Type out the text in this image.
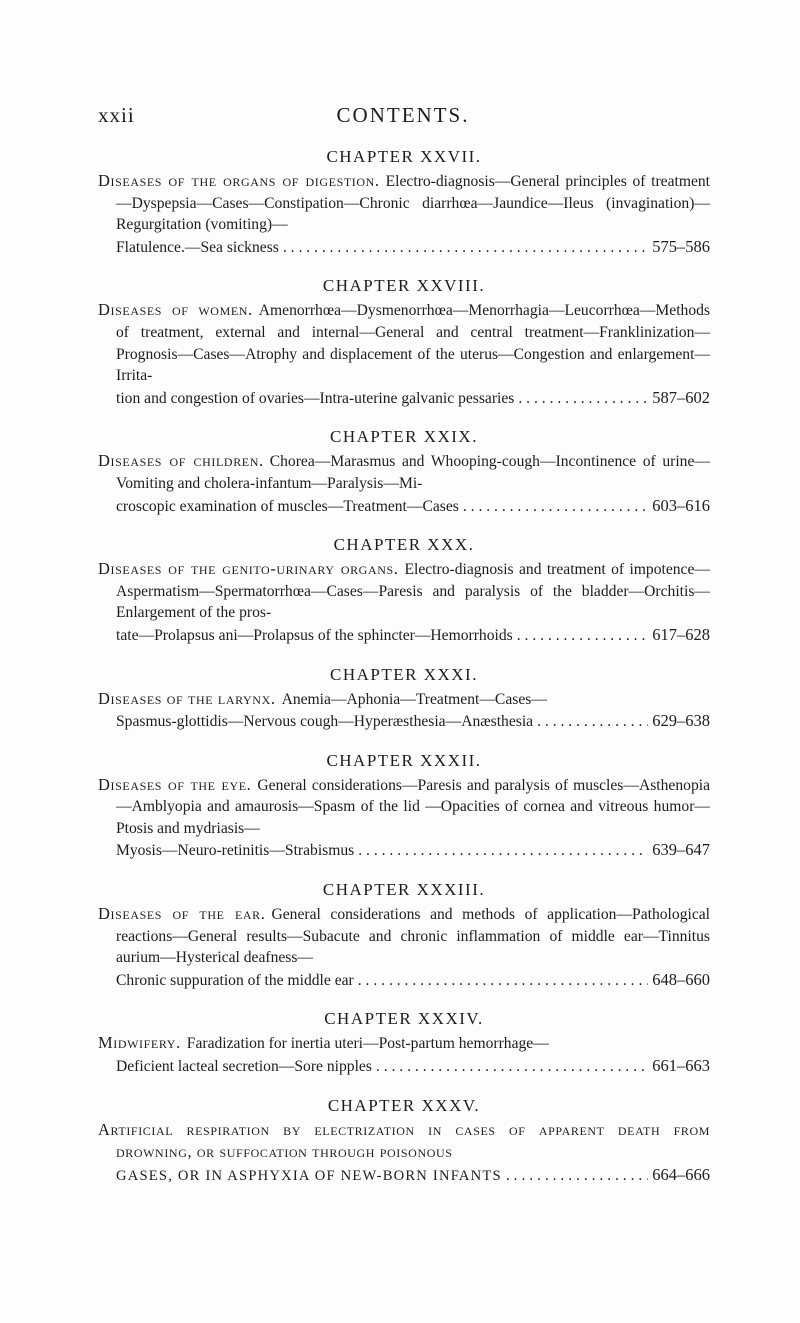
xxii	CONTENTS.
CHAPTER XXVII.
Diseases of the organs of digestion. Electro-diagnosis—General principles of treatment—Dyspepsia—Cases—Constipation—Chronic diarrhœa—Jaundice—Ileus (invagination)—Regurgitation (vomiting)—
Flatulence.—Sea sickness . . .	575–586
CHAPTER XXVIII.
Diseases of women. Amenorrhœa—Dysmenorrhœa—Menorrhagia—Leucorrhœa—Methods of treatment, external and internal—General and central treatment—Franklinization—Prognosis—Cases—Atrophy and displacement of the uterus—Congestion and enlargement—Irrita-
tion and congestion of ovaries—Intra-uterine galvanic pessaries . . .	587–602
CHAPTER XXIX.
Diseases of children. Chorea—Marasmus and Whooping-cough—Incontinence of urine—Vomiting and cholera-infantum—Paralysis—Mi-
croscopic examination of muscles—Treatment—Cases . . .	603–616
CHAPTER XXX.
Diseases of the genito-urinary organs. Electro-diagnosis and treatment of impotence—Aspermatism—Spermatorrhœa—Cases—Paresis and paralysis of the bladder—Orchitis—Enlargement of the pros-
tate—Prolapsus ani—Prolapsus of the sphincter—Hemorrhoids . . .	617–628
CHAPTER XXXI.
Diseases of the larynx. Anemia—Aphonia—Treatment—Cases—
Spasmus-glottidis—Nervous cough—Hyperæsthesia—Anæsthesia . . .	629–638
CHAPTER XXXII.
Diseases of the eye. General considerations—Paresis and paralysis of muscles—Asthenopia—Amblyopia and amaurosis—Spasm of the lid —Opacities of cornea and vitreous humor—Ptosis and mydriasis—
Myosis—Neuro-retinitis—Strabismus . . .	639–647
CHAPTER XXXIII.
Diseases of the ear. General considerations and methods of application—Pathological reactions—General results—Subacute and chronic inflammation of middle ear—Tinnitus aurium—Hysterical deafness—
Chronic suppuration of the middle ear . . .	648–660
CHAPTER XXXIV.
Midwifery. Faradization for inertia uteri—Post-partum hemorrhage—
Deficient lacteal secretion—Sore nipples . . .	661–663
CHAPTER XXXV.
Artificial respiration by electrization in cases of apparent death from drowning, or suffocation through poisonous
GASES, OR IN ASPHYXIA OF NEW-BORN INFANTS . . .	664–666
